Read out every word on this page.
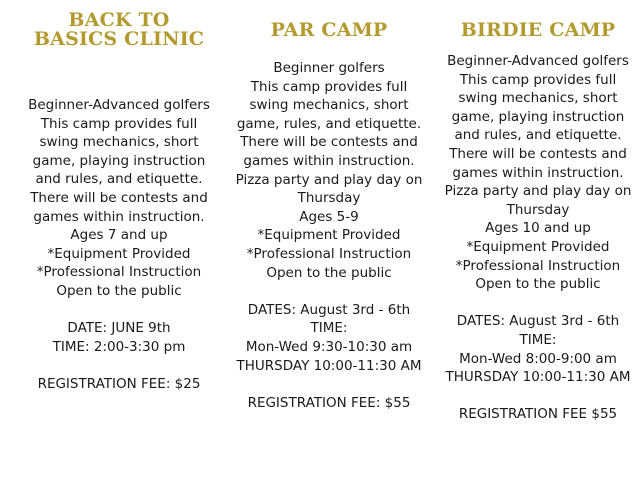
BACK TO
BASICS CLINIC
Beginner-Advanced golfers
This camp provides full
swing mechanics, short
game, playing instruction
and rules, and etiquette.
There will be contests and
games within instruction.
Ages 7 and up
*Equipment Provided
*Professional Instruction
Open to the public
DATE: JUNE 9th
TIME: 2:00-3:30 pm
REGISTRATION FEE: $25
PAR CAMP
Beginner golfers
This camp provides full
swing mechanics, short
game, rules, and etiquette.
There will be contests and
games within instruction.
Pizza party and play day on
Thursday
Ages 5-9
*Equipment Provided
*Professional Instruction
Open to the public
DATES: August 3rd - 6th
TIME:
Mon-Wed 9:30-10:30 am
THURSDAY 10:00-11:30 AM
REGISTRATION FEE: $55
BIRDIE CAMP
Beginner-Advanced golfers
This camp provides full
swing mechanics, short
game, playing instruction
and rules, and etiquette.
There will be contests and
games within instruction.
Pizza party and play day on
Thursday
Ages 10 and up
*Equipment Provided
*Professional Instruction
Open to the public
DATES: August 3rd - 6th
TIME:
Mon-Wed 8:00-9:00 am
THURSDAY 10:00-11:30 AM
REGISTRATION FEE $55
